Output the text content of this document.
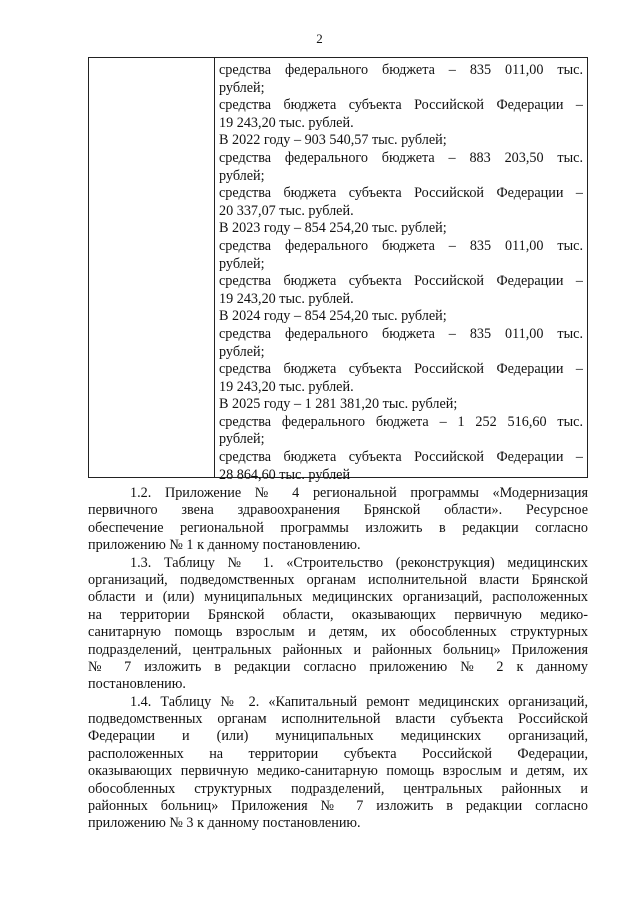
2
средства федерального бюджета – 835 011,00 тыс.
рублей;
средства бюджета субъекта Российской Федерации –
19 243,20 тыс. рублей.
В 2022 году – 903 540,57 тыс. рублей;
средства федерального бюджета – 883 203,50 тыс.
рублей;
средства бюджета субъекта Российской Федерации –
20 337,07 тыс. рублей.
В 2023 году – 854 254,20 тыс. рублей;
средства федерального бюджета – 835 011,00 тыс.
рублей;
средства бюджета субъекта Российской Федерации –
19 243,20 тыс. рублей.
В 2024 году – 854 254,20 тыс. рублей;
средства федерального бюджета – 835 011,00 тыс.
рублей;
средства бюджета субъекта Российской Федерации –
19 243,20 тыс. рублей.
В 2025 году – 1 281 381,20 тыс. рублей;
средства федерального бюджета – 1 252 516,60 тыс.
рублей;
средства бюджета субъекта Российской Федерации –
28 864,60 тыс. рублей
1.2. Приложение № 4 региональной программы «Модернизация
первичного звена здравоохранения Брянской области». Ресурсное
обеспечение региональной программы изложить в редакции согласно
приложению № 1 к данному постановлению.
1.3. Таблицу № 1. «Строительство (реконструкция) медицинских
организаций, подведомственных органам исполнительной власти Брянской
области и (или) муниципальных медицинских организаций, расположенных
на территории Брянской области, оказывающих первичную медико-
санитарную помощь взрослым и детям, их обособленных структурных
подразделений, центральных районных и районных больниц» Приложения
№ 7 изложить в редакции согласно приложению № 2 к данному
постановлению.
1.4. Таблицу № 2. «Капитальный ремонт медицинских организаций,
подведомственных органам исполнительной власти субъекта Российской
Федерации и (или) муниципальных медицинских организаций,
расположенных на территории субъекта Российской Федерации,
оказывающих первичную медико-санитарную помощь взрослым и детям, их
обособленных структурных подразделений, центральных районных и
районных больниц» Приложения № 7 изложить в редакции согласно
приложению № 3 к данному постановлению.
